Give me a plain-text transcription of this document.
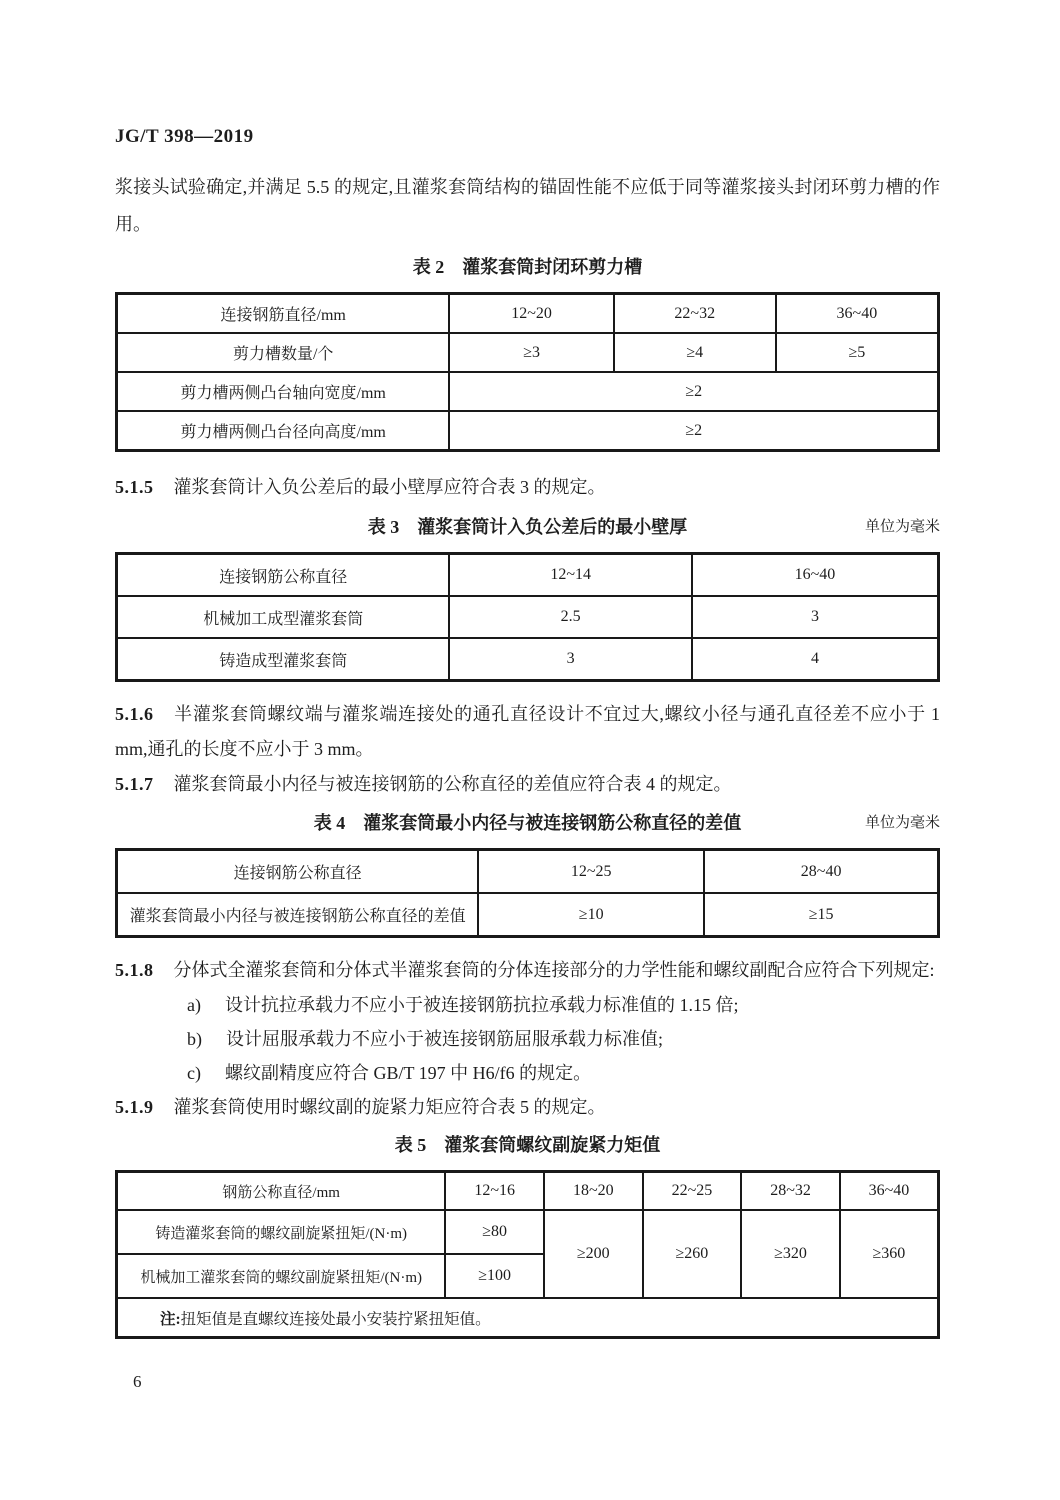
JG/T 398—2019

浆接头试验确定,并满足 5.5 的规定,且灌浆套筒结构的锚固性能不应低于同等灌浆接头封闭环剪力槽的作用。

表 2　灌浆套筒封闭环剪力槽
连接钢筋直径/mm	12~20	22~32	36~40
剪力槽数量/个	≥3	≥4	≥5
剪力槽两侧凸台轴向宽度/mm	≥2		
剪力槽两侧凸台径向高度/mm	≥2		

5.1.5 灌浆套筒计入负公差后的最小壁厚应符合表 3 的规定。

表 3　灌浆套筒计入负公差后的最小壁厚	单位为毫米
连接钢筋公称直径	12~14	16~40
机械加工成型灌浆套筒	2.5	3
铸造成型灌浆套筒	3	4

5.1.6 半灌浆套筒螺纹端与灌浆端连接处的通孔直径设计不宜过大,螺纹小径与通孔直径差不应小于 1 mm,通孔的长度不应小于 3 mm。

5.1.7 灌浆套筒最小内径与被连接钢筋的公称直径的差值应符合表 4 的规定。

表 4　灌浆套筒最小内径与被连接钢筋公称直径的差值	单位为毫米
连接钢筋公称直径	12~25	28~40
灌浆套筒最小内径与被连接钢筋公称直径的差值	≥10	≥15

5.1.8 分体式全灌浆套筒和分体式半灌浆套筒的分体连接部分的力学性能和螺纹副配合应符合下列规定:

a) 设计抗拉承载力不应小于被连接钢筋抗拉承载力标准值的 1.15 倍;

b) 设计屈服承载力不应小于被连接钢筋屈服承载力标准值;

c) 螺纹副精度应符合 GB/T 197 中 H6/f6 的规定。

5.1.9 灌浆套筒使用时螺纹副的旋紧力矩应符合表 5 的规定。

表 5　灌浆套筒螺纹副旋紧力矩值
钢筋公称直径/mm	12~16	18~20	22~25	28~32	36~40
铸造灌浆套筒的螺纹副旋紧扭矩/(N·m)	≥80	≥200	≥260	≥320	≥360
机械加工灌浆套筒的螺纹副旋紧扭矩/(N·m)	≥100				
注:扭矩值是直螺纹连接处最小安装拧紧扭矩值。					
6
